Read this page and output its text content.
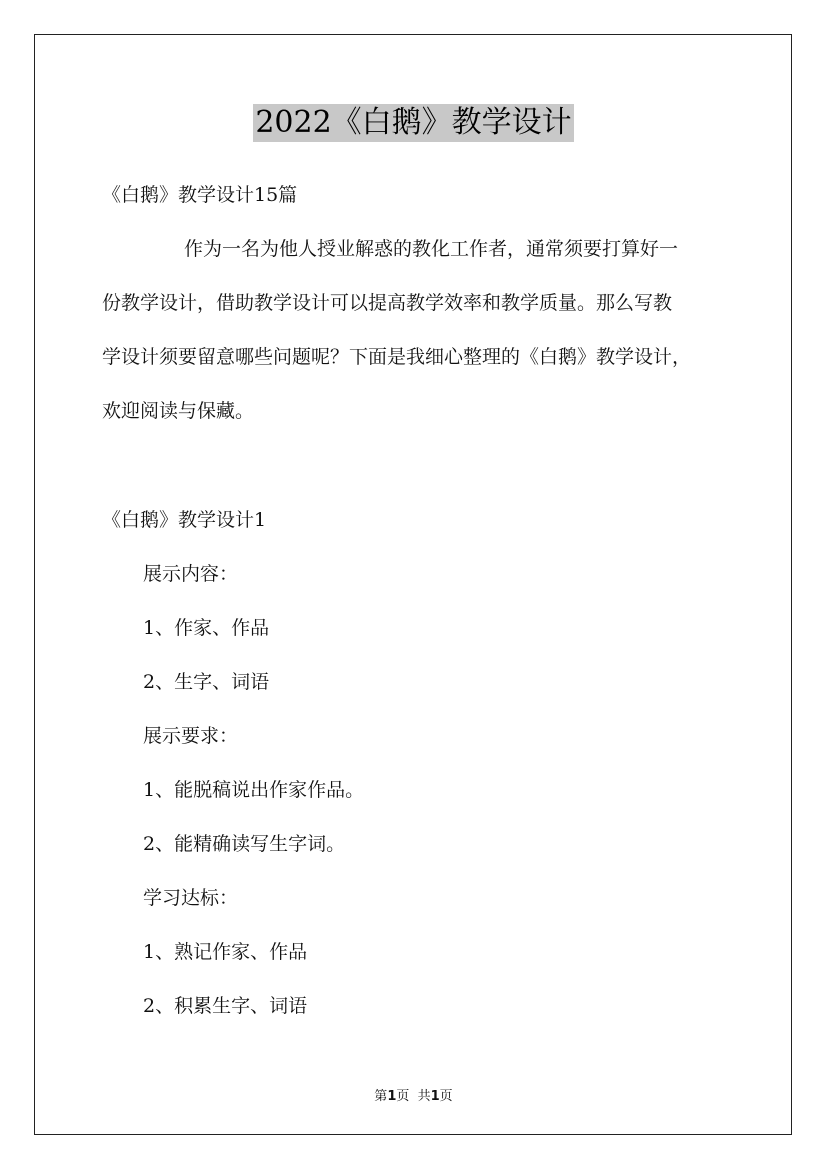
2022《白鹅》教学设计
《白鹅》教学设计15篇
作为一名为他人授业解惑的教化工作者，通常须要打算好一
份教学设计，借助教学设计可以提高教学效率和教学质量。那么写教
学设计须要留意哪些问题呢？下面是我细心整理的《白鹅》教学设计，
欢迎阅读与保藏。
《白鹅》教学设计1
展示内容：
1、作家、作品
2、生字、词语
展示要求：
1、能脱稿说出作家作品。
2、能精确读写生字词。
学习达标：
1、熟记作家、作品
2、积累生字、词语
第1页  共1页
